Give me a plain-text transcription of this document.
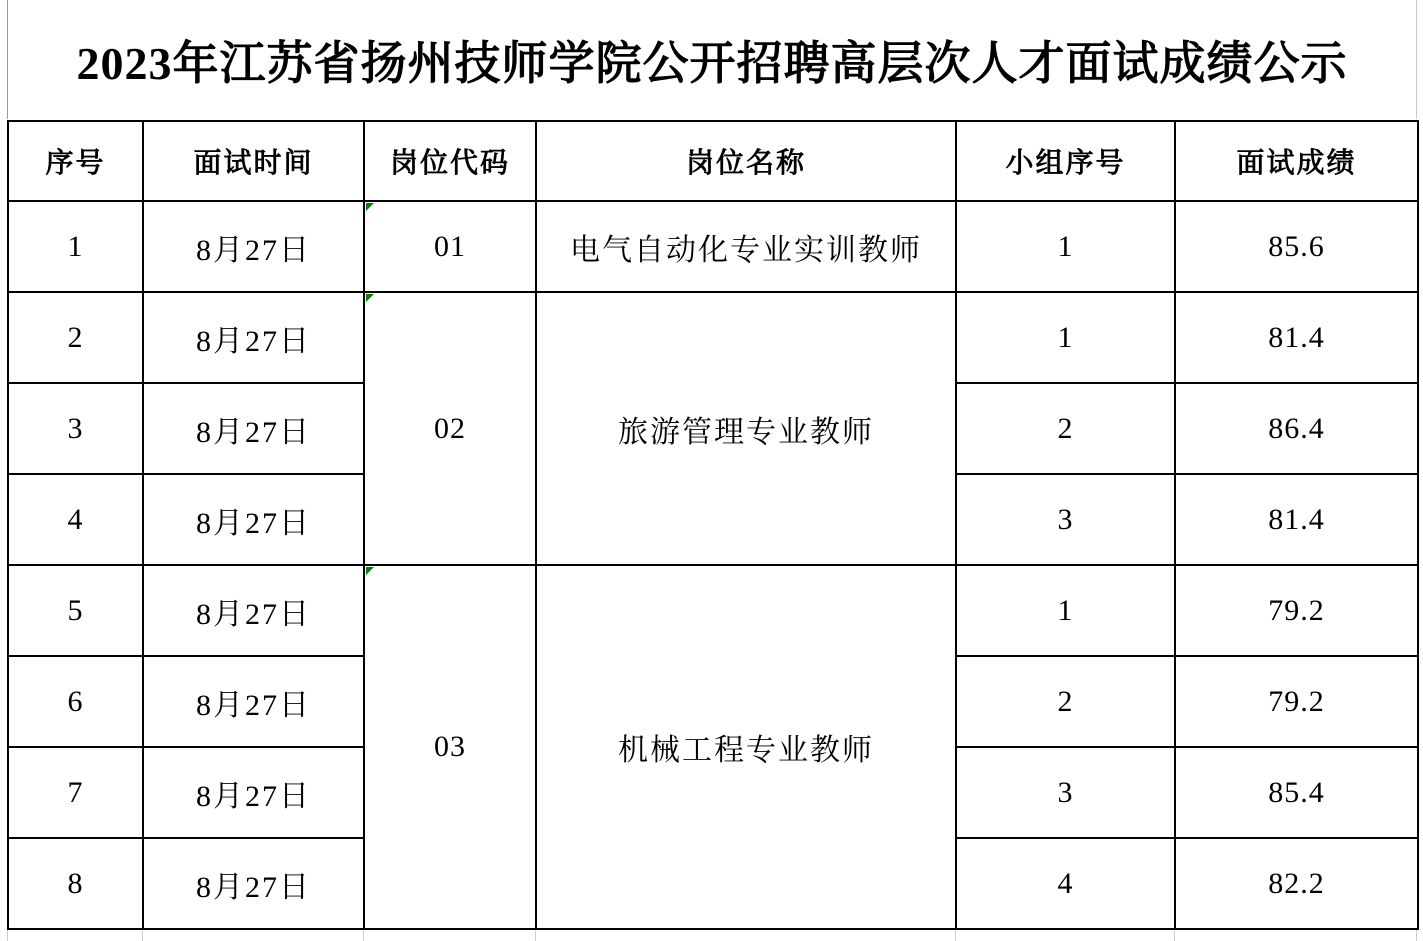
2023年江苏省扬州技师学院公开招聘高层次人才面试成绩公示
序号	面试时间	岗位代码	岗位名称	小组序号	面试成绩
1	8月27日	01	电气自动化专业实训教师	1	85.6
2	8月27日	02	旅游管理专业教师	1	81.4
3	8月27日			2	86.4
4	8月27日			3	81.4
5	8月27日	03	机械工程专业教师	1	79.2
6	8月27日			2	79.2
7	8月27日			3	85.4
8	8月27日			4	82.2
